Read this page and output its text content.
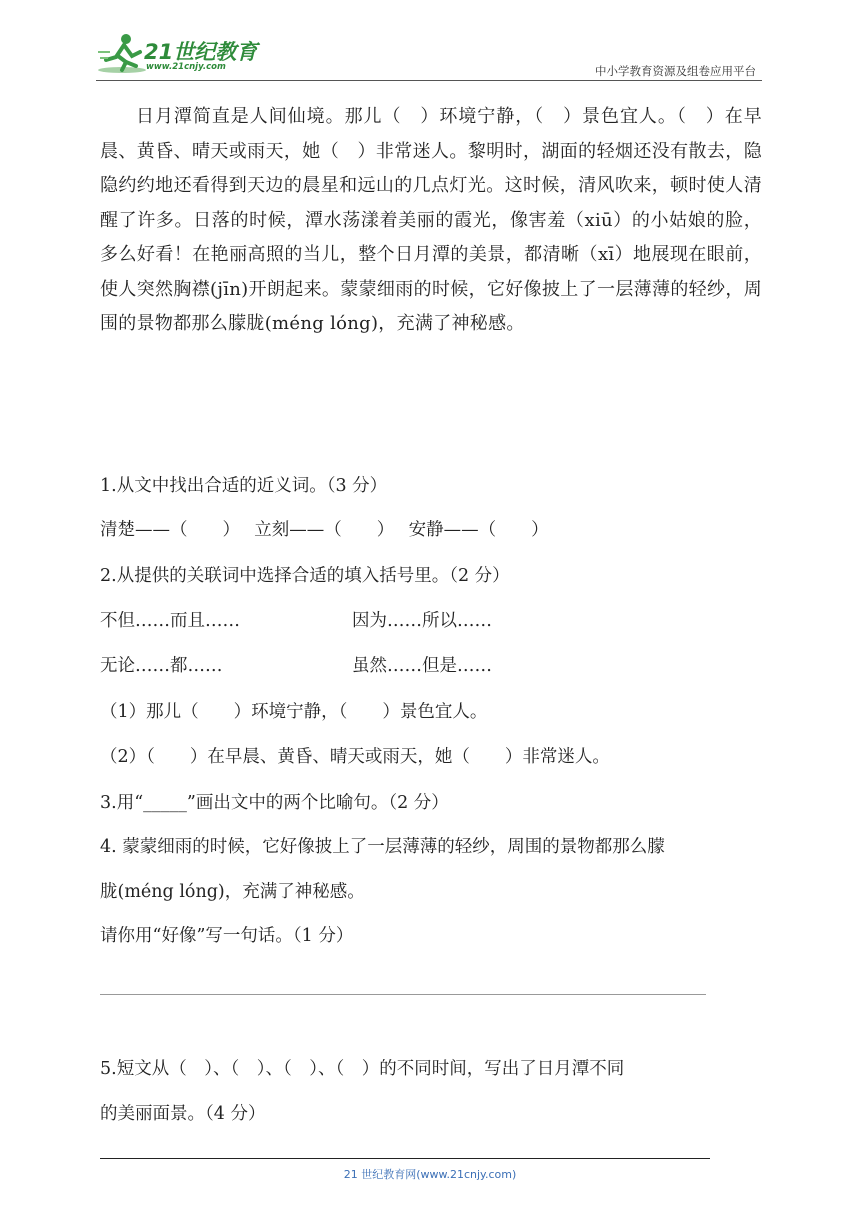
21世纪教育
www.21cnjy.com	中小学教育资源及组卷应用平台

日月潭简直是人间仙境。那儿（　）环境宁静，（　）景色宜人。（　）在早晨、黄昏、晴天或雨天，她（　）非常迷人。黎明时，湖面的轻烟还没有散去，隐隐约约地还看得到天边的晨星和远山的几点灯光。这时候，清风吹来，顿时使人清醒了许多。日落的时候，潭水荡漾着美丽的霞光，像害羞（xiū）的小姑娘的脸，多么好看！在艳丽高照的当儿，整个日月潭的美景，都清晰（xī）地展现在眼前，使人突然胸襟(jīn)开朗起来。蒙蒙细雨的时候，它好像披上了一层薄薄的轻纱，周围的景物都那么朦胧(méng lóng)，充满了神秘感。

1.从文中找出合适的近义词。（3 分）

清楚——（　　）　 立刻——（　　）　 安静——（　　）

2.从提供的关联词中选择合适的填入括号里。（2 分）

不但……而且……	因为……所以……
无论……都……	虽然……但是……

（1）那儿（　　）环境宁静，（　　）景色宜人。

（2）（　　）在早晨、黄昏、晴天或雨天，她（　　）非常迷人。

3.用“_____”画出文中的两个比喻句。（2 分）

4. 蒙蒙细雨的时候，它好像披上了一层薄薄的轻纱，周围的景物都那么朦

胧(méng lóng)，充满了神秘感。

请你用“好像”写一句话。（1 分）

5.短文从（　）、（　）、（　）、（　）的不同时间，写出了日月潭不同

的美丽面景。（4 分）

21 世纪教育网(www.21cnjy.com)
